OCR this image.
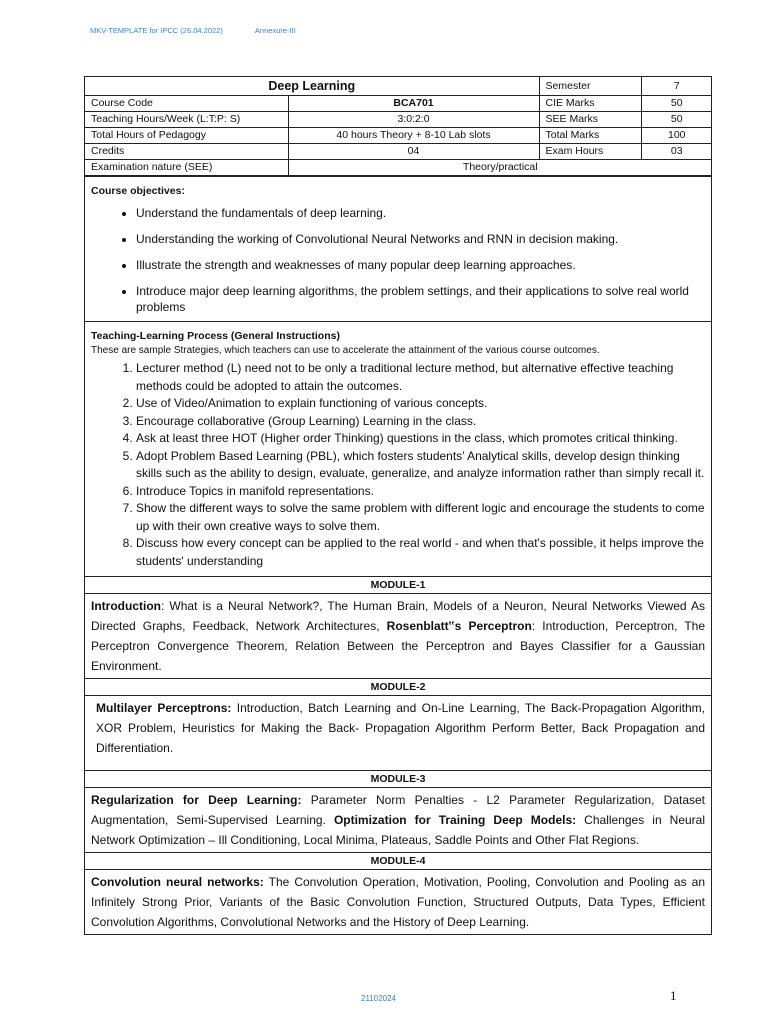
MKV-TEMPLATE for IPCC (26.04.2022)	Annexure-III
Deep Learning		Semester	7
Course Code	BCA701	CIE Marks	50
Teaching Hours/Week (L:T:P: S)	3:0:2:0	SEE Marks	50
Total Hours of Pedagogy	40 hours Theory + 8-10 Lab slots	Total Marks	100
Credits	04	Exam Hours	03
Examination nature (SEE)	Theory/practical		
Course objectives:
• Understand the fundamentals of deep learning.
• Understanding the working of Convolutional Neural Networks and RNN in decision making.
• Illustrate the strength and weaknesses of many popular deep learning approaches.
• Introduce major deep learning algorithms, the problem settings, and their applications to solve real world problems
Teaching-Learning Process (General Instructions)
These are sample Strategies, which teachers can use to accelerate the attainment of the various course outcomes.
1. Lecturer method (L) need not to be only a traditional lecture method, but alternative effective teaching methods could be adopted to attain the outcomes.
2. Use of Video/Animation to explain functioning of various concepts.
3. Encourage collaborative (Group Learning) Learning in the class.
4. Ask at least three HOT (Higher order Thinking) questions in the class, which promotes critical thinking.
5. Adopt Problem Based Learning (PBL), which fosters students’ Analytical skills, develop design thinking skills such as the ability to design, evaluate, generalize, and analyze information rather than simply recall it.
6. Introduce Topics in manifold representations.
7. Show the different ways to solve the same problem with different logic and encourage the students to come up with their own creative ways to solve them.
8. Discuss how every concept can be applied to the real world - and when that's possible, it helps improve the students' understanding
MODULE-1
Introduction: What is a Neural Network?, The Human Brain, Models of a Neuron, Neural Networks Viewed As Directed Graphs, Feedback, Network Architectures, Rosenblatt‟s Perceptron: Introduction, Perceptron, The Perceptron Convergence Theorem, Relation Between the Perceptron and Bayes Classifier for a Gaussian Environment.
MODULE-2
Multilayer Perceptrons: Introduction, Batch Learning and On-Line Learning, The Back-Propagation Algorithm, XOR Problem, Heuristics for Making the Back- Propagation Algorithm Perform Better, Back Propagation and Differentiation.
MODULE-3
Regularization for Deep Learning: Parameter Norm Penalties - L2 Parameter Regularization, Dataset Augmentation, Semi-Supervised Learning. Optimization for Training Deep Models: Challenges in Neural Network Optimization – Ill Conditioning, Local Minima, Plateaus, Saddle Points and Other Flat Regions.
MODULE-4
Convolution neural networks: The Convolution Operation, Motivation, Pooling, Convolution and Pooling as an Infinitely Strong Prior, Variants of the Basic Convolution Function, Structured Outputs, Data Types, Efficient Convolution Algorithms, Convolutional Networks and the History of Deep Learning.
21102024	1
